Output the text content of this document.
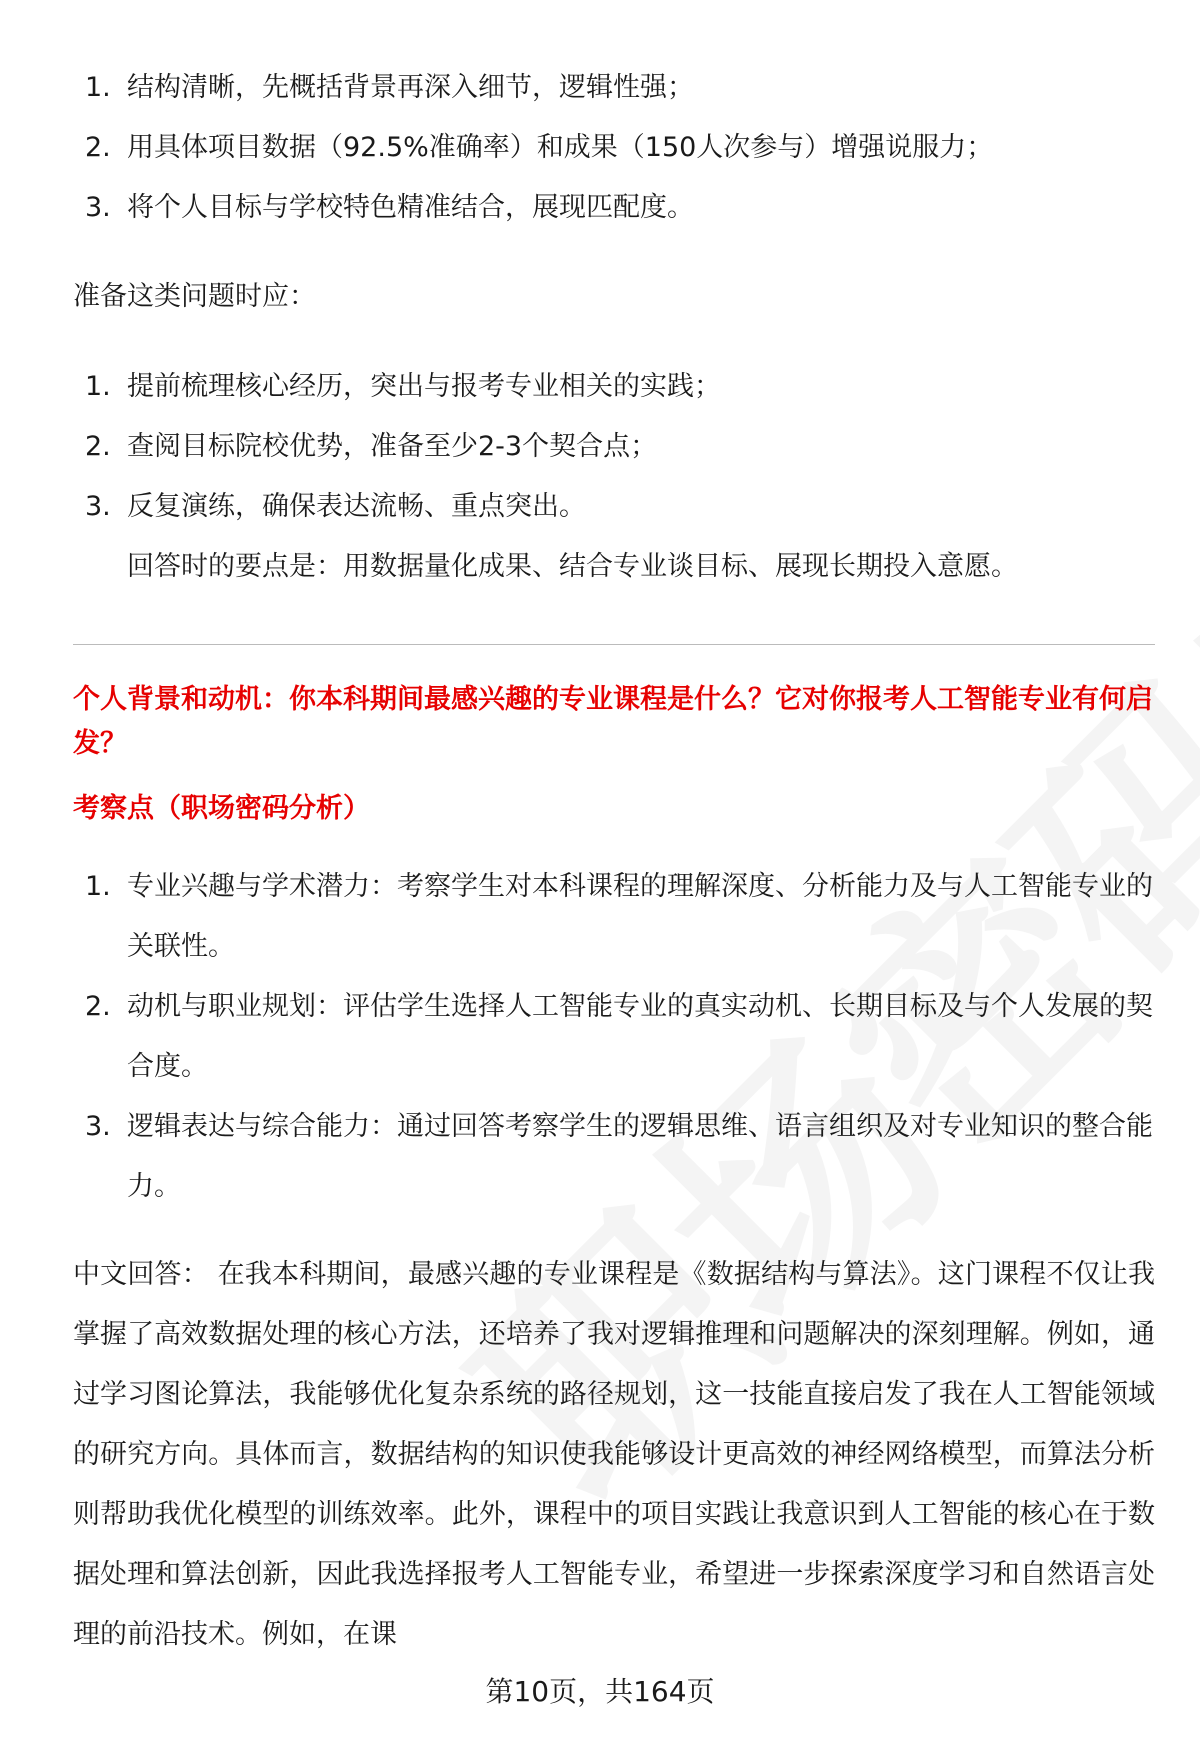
1. 结构清晰，先概括背景再深入细节，逻辑性强；
2. 用具体项目数据（92.5%准确率）和成果（150人次参与）增强说服力；
3. 将个人目标与学校特色精准结合，展现匹配度。
准备这类问题时应：
1. 提前梳理核心经历，突出与报考专业相关的实践；
2. 查阅目标院校优势，准备至少2-3个契合点；
3. 反复演练，确保表达流畅、重点突出。
回答时的要点是：用数据量化成果、结合专业谈目标、展现长期投入意愿。
个人背景和动机：你本科期间最感兴趣的专业课程是什么？它对你报考人工智能专业有何启发？
考察点（职场密码分析）
1. 专业兴趣与学术潜力：考察学生对本科课程的理解深度、分析能力及与人工智能专业的关联性。
2. 动机与职业规划：评估学生选择人工智能专业的真实动机、长期目标及与个人发展的契合度。
3. 逻辑表达与综合能力：通过回答考察学生的逻辑思维、语言组织及对专业知识的整合能力。
中文回答： 在我本科期间，最感兴趣的专业课程是《数据结构与算法》。这门课程不仅让我掌握了高效数据处理的核心方法，还培养了我对逻辑推理和问题解决的深刻理解。例如，通过学习图论算法，我能够优化复杂系统的路径规划，这一技能直接启发了我在人工智能领域的研究方向。具体而言，数据结构的知识使我能够设计更高效的神经网络模型，而算法分析则帮助我优化模型的训练效率。此外，课程中的项目实践让我意识到人工智能的核心在于数据处理和算法创新，因此我选择报考人工智能专业，希望进一步探索深度学习和自然语言处理的前沿技术。例如，在课
第10页，共164页
